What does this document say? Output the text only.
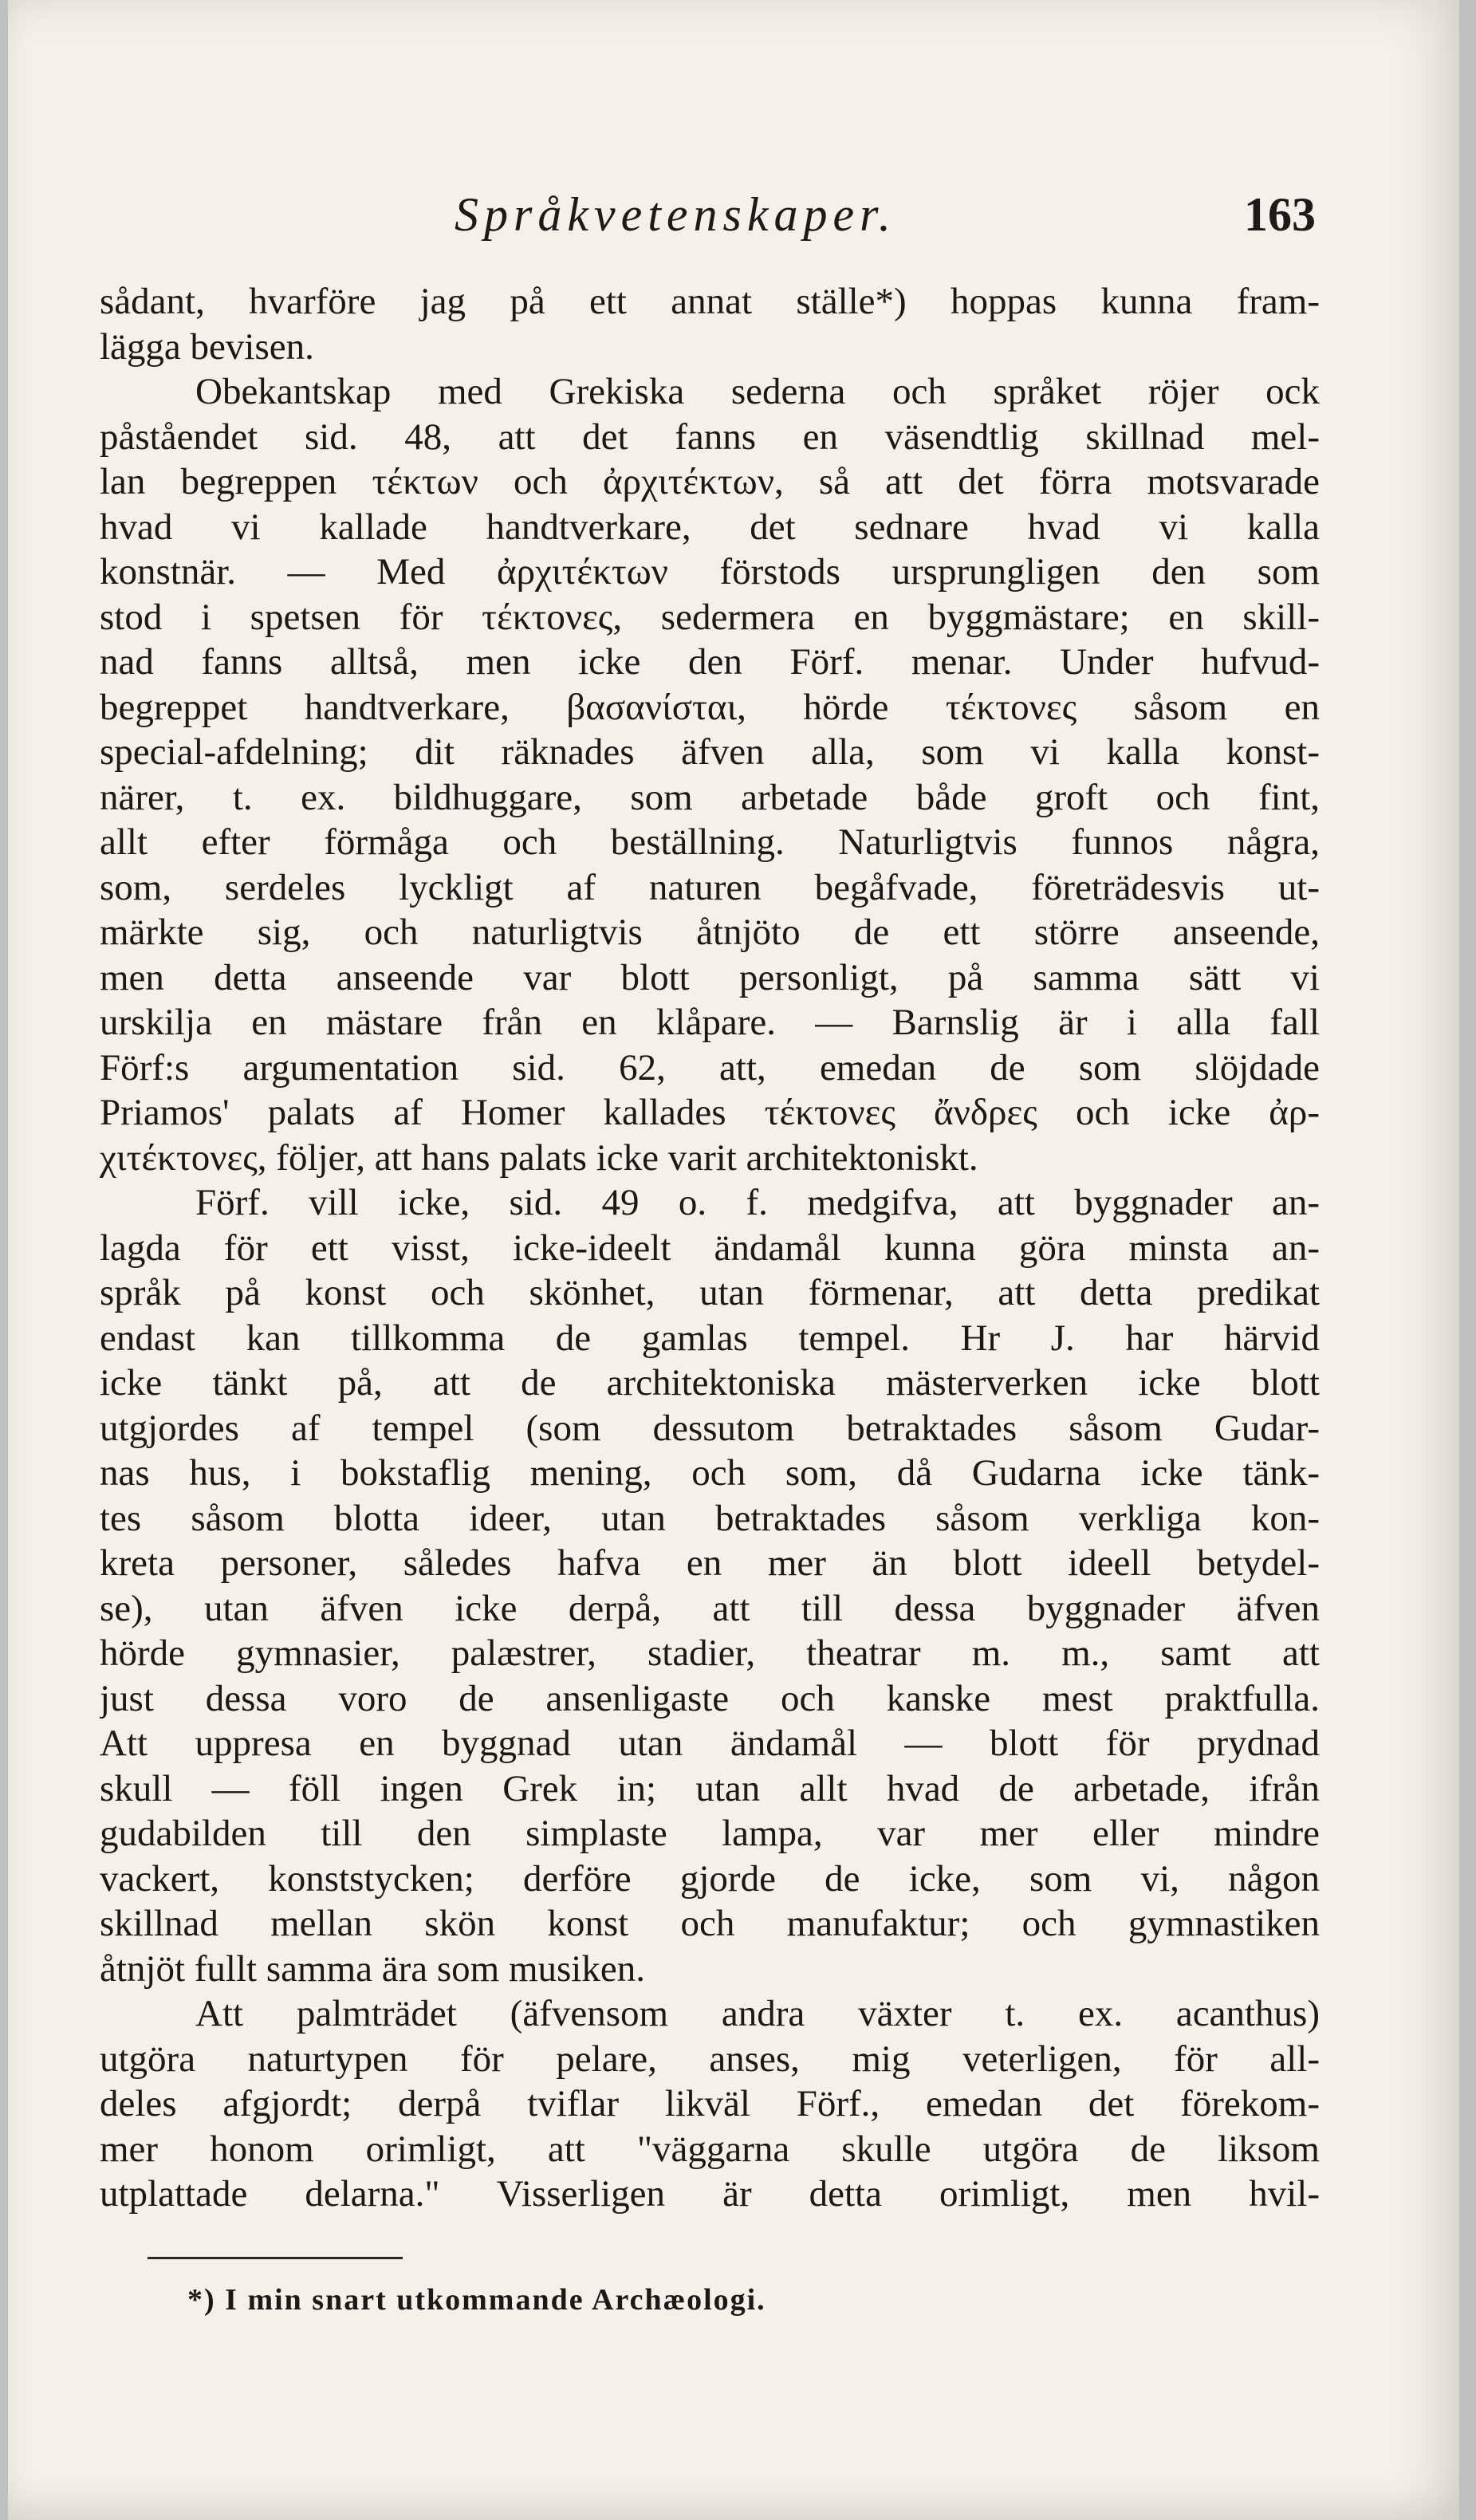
Språkvetenskaper.	163
sådant, hvarföre jag på ett annat ställe*) hoppas kunna fram-
lägga bevisen.
Obekantskap med Grekiska sederna och språket röjer ock
påståendet sid. 48, att det fanns en väsendtlig skillnad mel-
lan begreppen τέκτων och ἀρχιτέκτων, så att det förra motsvarade
hvad vi kallade handtverkare, det sednare hvad vi kalla
konstnär. — Med ἀρχιτέκτων förstods ursprungligen den som
stod i spetsen för τέκτονες, sedermera en byggmästare; en skill-
nad fanns alltså, men icke den Förf. menar. Under hufvud-
begreppet handtverkare, βασανίσται, hörde τέκτονες såsom en
special-afdelning; dit räknades äfven alla, som vi kalla konst-
närer, t. ex. bildhuggare, som arbetade både groft och fint,
allt efter förmåga och beställning. Naturligtvis funnos några,
som, serdeles lyckligt af naturen begåfvade, företrädesvis ut-
märkte sig, och naturligtvis åtnjöto de ett större anseende,
men detta anseende var blott personligt, på samma sätt vi
urskilja en mästare från en klåpare. — Barnslig är i alla fall
Förf:s argumentation sid. 62, att, emedan de som slöjdade
Priamos' palats af Homer kallades τέκτονες ἄνδρες och icke ἀρ-
χιτέκτονες, följer, att hans palats icke varit architektoniskt.
Förf. vill icke, sid. 49 o. f. medgifva, att byggnader an-
lagda för ett visst, icke-ideelt ändamål kunna göra minsta an-
språk på konst och skönhet, utan förmenar, att detta predikat
endast kan tillkomma de gamlas tempel. Hr J. har härvid
icke tänkt på, att de architektoniska mästerverken icke blott
utgjordes af tempel (som dessutom betraktades såsom Gudar-
nas hus, i bokstaflig mening, och som, då Gudarna icke tänk-
tes såsom blotta ideer, utan betraktades såsom verkliga kon-
kreta personer, således hafva en mer än blott ideell betydel-
se), utan äfven icke derpå, att till dessa byggnader äfven
hörde gymnasier, palæstrer, stadier, theatrar m. m., samt att
just dessa voro de ansenligaste och kanske mest praktfulla.
Att uppresa en byggnad utan ändamål — blott för prydnad
skull — föll ingen Grek in; utan allt hvad de arbetade, ifrån
gudabilden till den simplaste lampa, var mer eller mindre
vackert, konststycken; derföre gjorde de icke, som vi, någon
skillnad mellan skön konst och manufaktur; och gymnastiken
åtnjöt fullt samma ära som musiken.
Att palmträdet (äfvensom andra växter t. ex. acanthus)
utgöra naturtypen för pelare, anses, mig veterligen, för all-
deles afgjordt; derpå tviflar likväl Förf., emedan det förekom-
mer honom orimligt, att "väggarna skulle utgöra de liksom
utplattade delarna." Visserligen är detta orimligt, men hvil-
*) I min snart utkommande Archæologi.
